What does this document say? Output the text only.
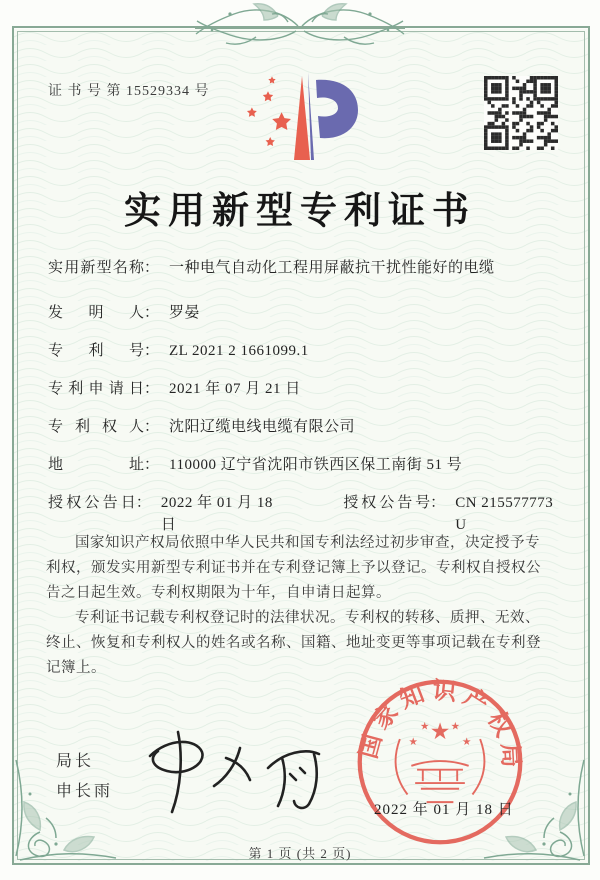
证 书 号 第 15529334 号
实用新型专利证书
实用新型名称 ： 一种电气自动化工程用屏蔽抗干扰性能好的电缆
发明人 ： 罗晏
专利号 ： ZL 2021 2 1661099.1
专利申请日 ： 2021 年 07 月 21 日
专利权人 ： 沈阳辽缆电线电缆有限公司
地址 ： 110000 辽宁省沈阳市铁西区保工南街 51 号
授权公告日 ： 2022 年 01 月 18 日
授权公告号 ： CN 215577773 U

国家知识产权局依照中华人民共和国专利法经过初步审查，决定授予专利权，颁发实用新型专利证书并在专利登记簿上予以登记。专利权自授权公告之日起生效。专利权期限为十年，自申请日起算。

专利证书记载专利权登记时的法律状况。专利权的转移、质押、无效、终止、恢复和专利权人的姓名或名称、国籍、地址变更等事项记载在专利登记簿上。

局长
申长雨
国家知识产权局
★
★
★ ★
★
2022 年 01 月 18 日
第 1 页 (共 2 页)
